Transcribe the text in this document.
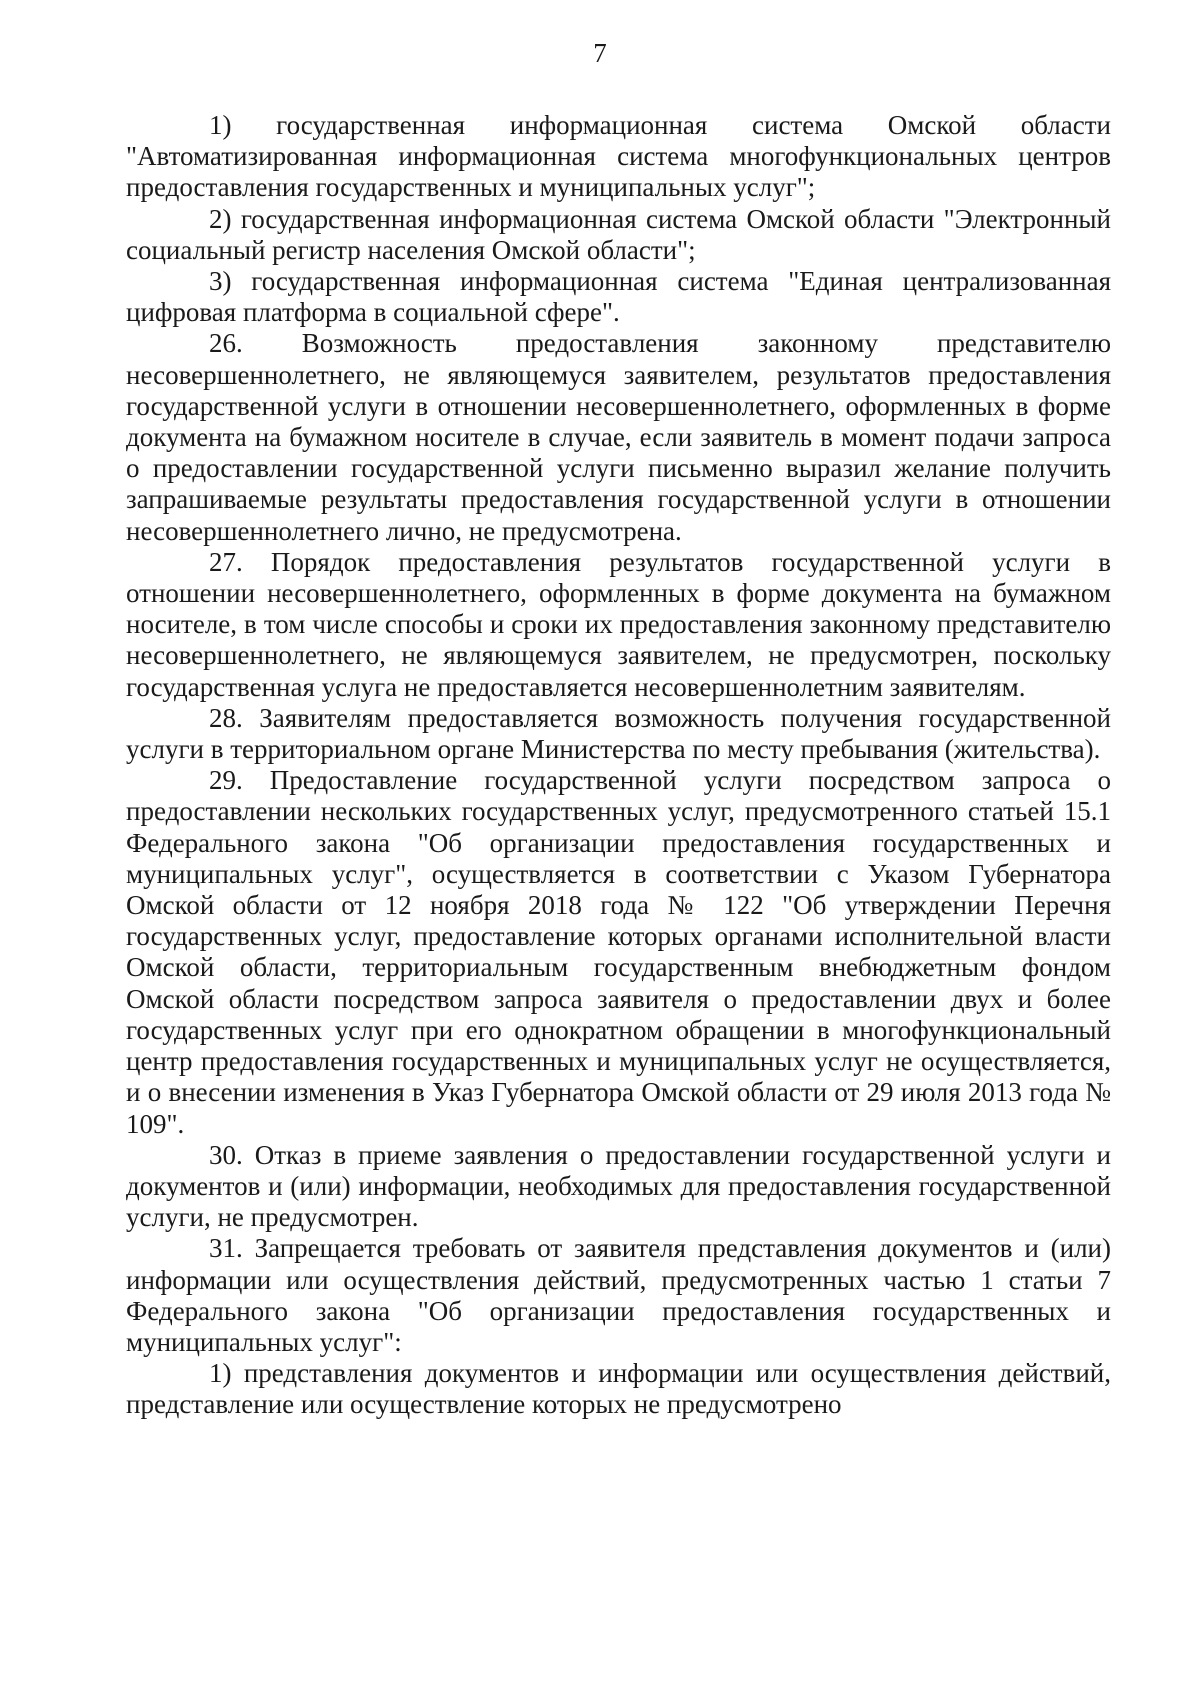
7

1) государственная информационная система Омской области "Автоматизированная информационная система многофункциональных центров предоставления государственных и муниципальных услуг";

2) государственная информационная система Омской области "Электронный социальный регистр населения Омской области";

3) государственная информационная система "Единая централизованная цифровая платформа в социальной сфере".

26. Возможность предоставления законному представителю несовершеннолетнего, не являющемуся заявителем, результатов предоставления государственной услуги в отношении несовершеннолетнего, оформленных в форме документа на бумажном носителе в случае, если заявитель в момент подачи запроса о предоставлении государственной услуги письменно выразил желание получить запрашиваемые результаты предоставления государственной услуги в отношении несовершеннолетнего лично, не предусмотрена.

27. Порядок предоставления результатов государственной услуги в отношении несовершеннолетнего, оформленных в форме документа на бумажном носителе, в том числе способы и сроки их предоставления законному представителю несовершеннолетнего, не являющемуся заявителем, не предусмотрен, поскольку государственная услуга не предоставляется несовершеннолетним заявителям.

28. Заявителям предоставляется возможность получения государственной услуги в территориальном органе Министерства по месту пребывания (жительства).

29. Предоставление государственной услуги посредством запроса о предоставлении нескольких государственных услуг, предусмотренного статьей 15.1 Федерального закона "Об организации предоставления государственных и муниципальных услуг", осуществляется в соответствии с Указом Губернатора Омской области от 12 ноября 2018 года № 122 "Об утверждении Перечня государственных услуг, предоставление которых органами исполнительной власти Омской области, территориальным государственным внебюджетным фондом Омской области посредством запроса заявителя о предоставлении двух и более государственных услуг при его однократном обращении в многофункциональный центр предоставления государственных и муниципальных услуг не осуществляется, и о внесении изменения в Указ Губернатора Омской области от 29 июля 2013 года № 109".

30. Отказ в приеме заявления о предоставлении государственной услуги и документов и (или) информации, необходимых для предоставления государственной услуги, не предусмотрен.

31. Запрещается требовать от заявителя представления документов и (или) информации или осуществления действий, предусмотренных частью 1 статьи 7 Федерального закона "Об организации предоставления государственных и муниципальных услуг":

1) представления документов и информации или осуществления действий, представление или осуществление которых не предусмотрено
